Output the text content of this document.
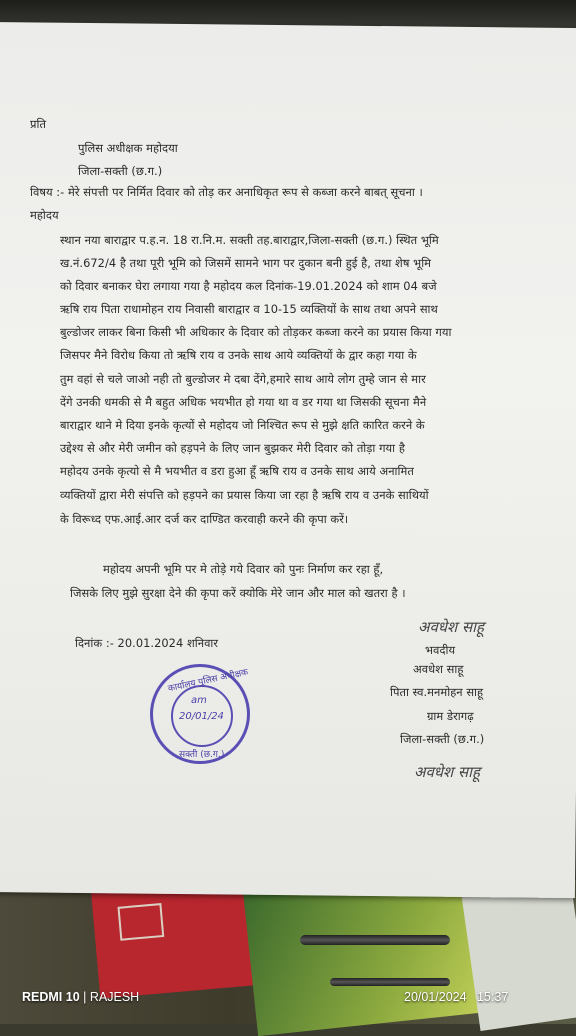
प्रति
पुलिस अधीक्षक महोदया
जिला-सक्ती (छ.ग.)
विषय :- मेरे संपत्ती पर निर्मित दिवार को तोड़ कर अनाधिकृत रूप से कब्जा करने बाबत् सूचना ।
महोदय
स्थान नया बाराद्वार प.ह.न. 18 रा.नि.म. सक्ती तह.बाराद्वार,जिला-सक्ती (छ.ग.) स्थित भूमि
ख.नं.672/4 है तथा पूरी भूमि को जिसमें सामने भाग पर दुकान बनी हुई है, तथा शेष भूमि
को दिवार बनाकर घेरा लगाया गया है महोदय कल दिनांक-19.01.2024 को शाम 04 बजे
ऋषि राय पिता राधामोहन राय निवासी बाराद्वार व 10-15 व्यक्तियों के साथ तथा अपने साथ
बुल्डोजर लाकर बिना किसी भी अधिकार के दिवार को तोड़कर कब्जा करने का प्रयास किया गया
जिसपर मैने विरोध किया तो ऋषि राय व उनके साथ आये व्यक्तियों के द्वार कहा गया के
तुम वहां से चले जाओ नही तो बुल्डोजर मे दबा देंगे,हमारे साथ आये लोग तुम्हे जान से मार
देंगे उनकी धमकी से मै बहुत अधिक भयभीत हो गया था व डर गया था जिसकी सूचना मैने
बाराद्वार थाने मे दिया इनके कृत्यों से महोदय जो निश्चित रूप से मुझे क्षति कारित करने के
उद्देश्य से और मेरी जमीन को हड़पने के लिए जान बुझकर मेरी दिवार को तोड़ा गया है
महोदय उनके कृत्यो से मै भयभीत व डरा हुआ हूँ ऋषि राय व उनके साथ आये अनामित
व्यक्तियों द्वारा मेरी संपत्ति को हड़पने का प्रयास किया जा रहा है ऋषि राय व उनके साथियों
के विरूध्द एफ.आई.आर दर्ज कर दाण्डित करवाही करने की कृपा करें।
महोदय अपनी भूमि पर मे तोड़े गये दिवार को पुनः निर्माण कर रहा हूँ,
जिसके लिए मुझे सुरक्षा देने की कृपा करें क्योकि मेरे जान और माल को खतरा है ।
दिनांक :- 20.01.2024 शनिवार
अवधेश साहू
भवदीय
अवधेश साहू
पिता स्व.मनमोहन साहू
ग्राम डेरागढ़
जिला-सक्ती (छ.ग.)
अवधेश साहू
कार्यालय पुलिस अधीक्षक
am
20/01/24
सक्ती (छ.ग.)
REDMI 10 | RAJESH	20/01/2024 15:37
